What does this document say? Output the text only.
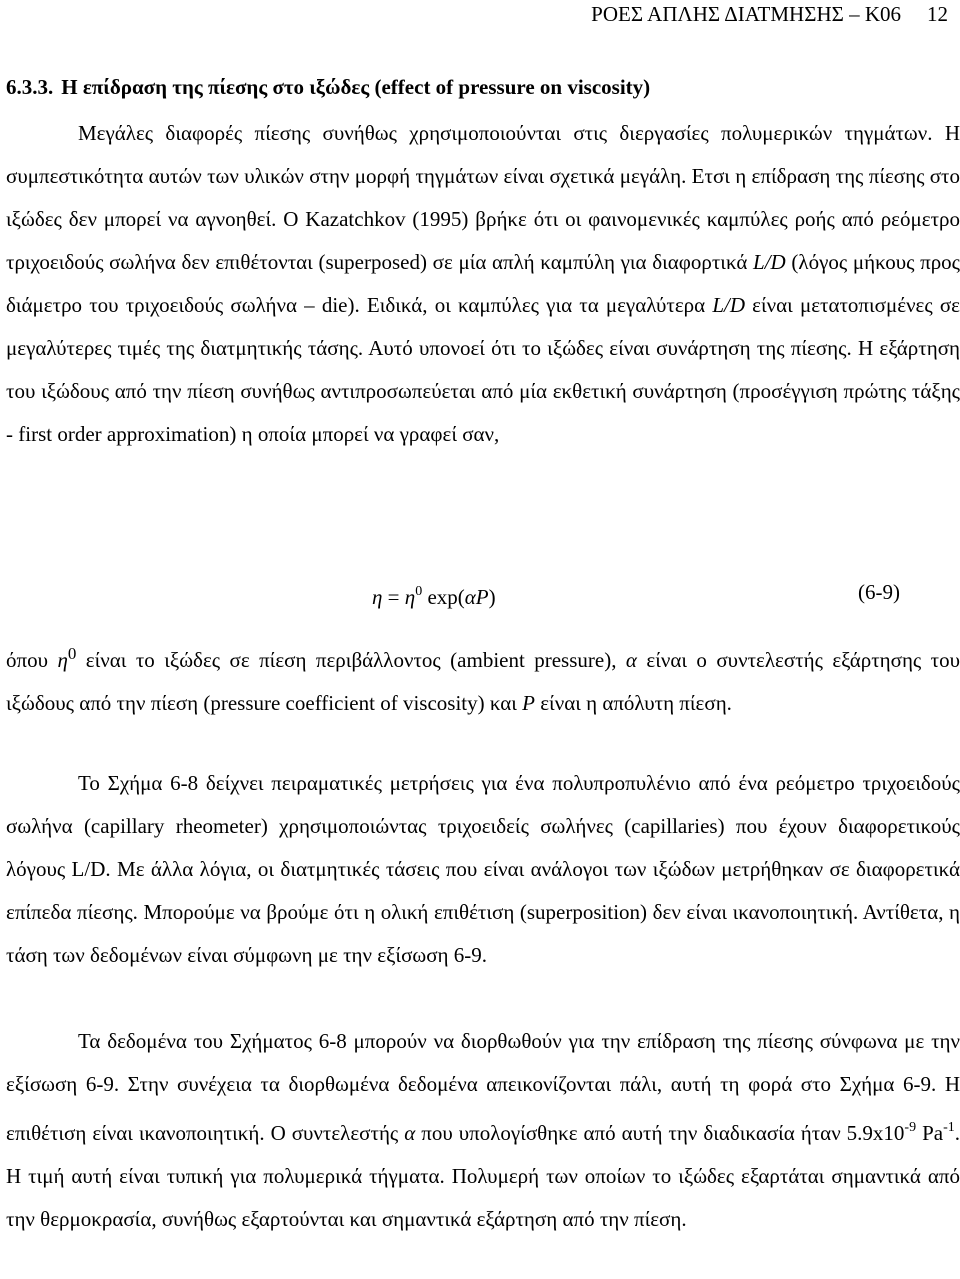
ΡΟΕΣ ΑΠΛΗΣ ΔΙΑΤΜΗΣΗΣ – Κ06 12
6.3.3. Η επίδραση της πίεσης στο ιξώδες (effect of pressure on viscosity)

Μεγάλες διαφορές πίεσης συνήθως χρησιμοποιούνται στις διεργασίες πολυμερικών τηγμάτων. Η συμπεστικότητα αυτών των υλικών στην μορφή τηγμάτων είναι σχετικά μεγάλη. Ετσι η επίδραση της πίεσης στο ιξώδες δεν μπορεί να αγνοηθεί. Ο Kazatchkov (1995) βρήκε ότι οι φαινομενικές καμπύλες ροής από ρεόμετρο τριχοειδούς σωλήνα δεν επιθέτονται (superposed) σε μία απλή καμπύλη για διαφορτικά L/D (λόγος μήκους προς διάμετρο του τριχοειδούς σωλήνα – die). Ειδικά, οι καμπύλες για τα μεγαλύτερα L/D είναι μετατοπισμένες σε μεγαλύτερες τιμές της διατμητικής τάσης. Αυτό υπονοεί ότι το ιξώδες είναι συνάρτηση της πίεσης. Η εξάρτηση του ιξώδους από την πίεση συνήθως αντιπροσωπεύεται από μία εκθετική συνάρτηση (προσέγγιση πρώτης τάξης - first order approximation) η οποία μπορεί να γραφεί σαν,

$\eta = \eta^0$ exp(αP)	(6-9)

όπου $\eta^0$ είναι το ιξώδες σε πίεση περιβάλλοντος (ambient pressure), α είναι ο συντελεστής εξάρτησης του ιξώδους από την πίεση (pressure coefficient of viscosity) και P είναι η απόλυτη πίεση.

Το Σχήμα 6-8 δείχνει πειραματικές μετρήσεις για ένα πολυπροπυλένιο από ένα ρεόμετρο τριχοειδούς σωλήνα (capillary rheometer) χρησιμοποιώντας τριχοειδείς σωλήνες (capillaries) που έχουν διαφορετικούς λόγους L/D. Με άλλα λόγια, οι διατμητικές τάσεις που είναι ανάλογοι των ιξώδων μετρήθηκαν σε διαφορετικά επίπεδα πίεσης. Μπορούμε να βρούμε ότι η ολική επιθέτιση (superposition) δεν είναι ικανοποιητική. Αντίθετα, η τάση των δεδομένων είναι σύμφωνη με την εξίσωση 6-9.

Τα δεδομένα του Σχήματος 6-8 μπορούν να διορθωθούν για την επίδραση της πίεσης σύνφωνα με την εξίσωση 6-9. Στην συνέχεια τα διορθωμένα δεδομένα απεικονίζονται πάλι, αυτή τη φορά στο Σχήμα 6-9. Η επιθέτιση είναι ικανοποιητική. Ο συντελεστής α που υπολογίσθηκε από αυτή την διαδικασία ήταν $5.9x10^{-9}$ $Pa^{-1}$. Η τιμή αυτή είναι τυπική για πολυμερικά τήγματα. Πολυμερή των οποίων το ιξώδες εξαρτάται σημαντικά από την θερμοκρασία, συνήθως εξαρτούνται και σημαντικά εξάρτηση από την πίεση.
